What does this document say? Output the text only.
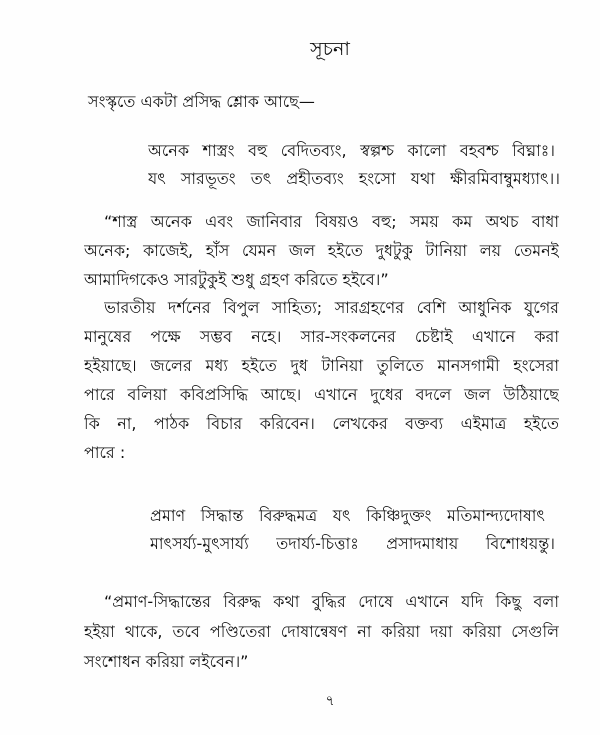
সূচনা
সংস্কৃতে একটা প্রসিদ্ধ শ্লোক আছে—
অনেক শাস্ত্রং বহু বেদিতব্যং, স্বল্পশ্চ কালো বহবশ্চ বিঘ্নাঃ।
যৎ সারভূতং তৎ প্রহীতব্যং হংসো যথা ক্ষীরমিবাম্বুমধ্যাৎ।।
“শাস্ত্র অনেক এবং জানিবার বিষয়ও বহু; সময় কম অথচ বাধা
অনেক; কাজেই, হাঁস যেমন জল হইতে দুধটুকু টানিয়া লয় তেমনই
আমাদিগকেও সারটুকুই শুধু গ্রহণ করিতে হইবে।”
ভারতীয় দর্শনের বিপুল সাহিত্য; সারগ্রহণের বেশি আধুনিক যুগের
মানুষের পক্ষে সম্ভব নহে। সার-সংকলনের চেষ্টাই এখানে করা
হইয়াছে। জলের মধ্য হইতে দুধ টানিয়া তুলিতে মানসগামী হংসেরা
পারে বলিয়া কবিপ্রসিদ্ধি আছে। এখানে দুধের বদলে জল উঠিয়াছে
কি না, পাঠক বিচার করিবেন। লেখকের বক্তব্য এইমাত্র হইতে
পারে :
প্রমাণ সিদ্ধান্ত বিরুদ্ধমত্র যৎ কিঞ্চিদুক্তং মতিমান্দ্যদোষাৎ
মাৎসর্য্য-মুৎসার্য্য তদার্য্য-চিত্তাঃ প্রসাদমাধায় বিশোধয়ন্তু।
“প্রমাণ-সিদ্ধান্তের বিরুদ্ধ কথা বুদ্ধির দোষে এখানে যদি কিছু বলা
হইয়া থাকে, তবে পণ্ডিতেরা দোষান্বেষণ না করিয়া দয়া করিয়া সেগুলি
সংশোধন করিয়া লইবেন।”
৭
